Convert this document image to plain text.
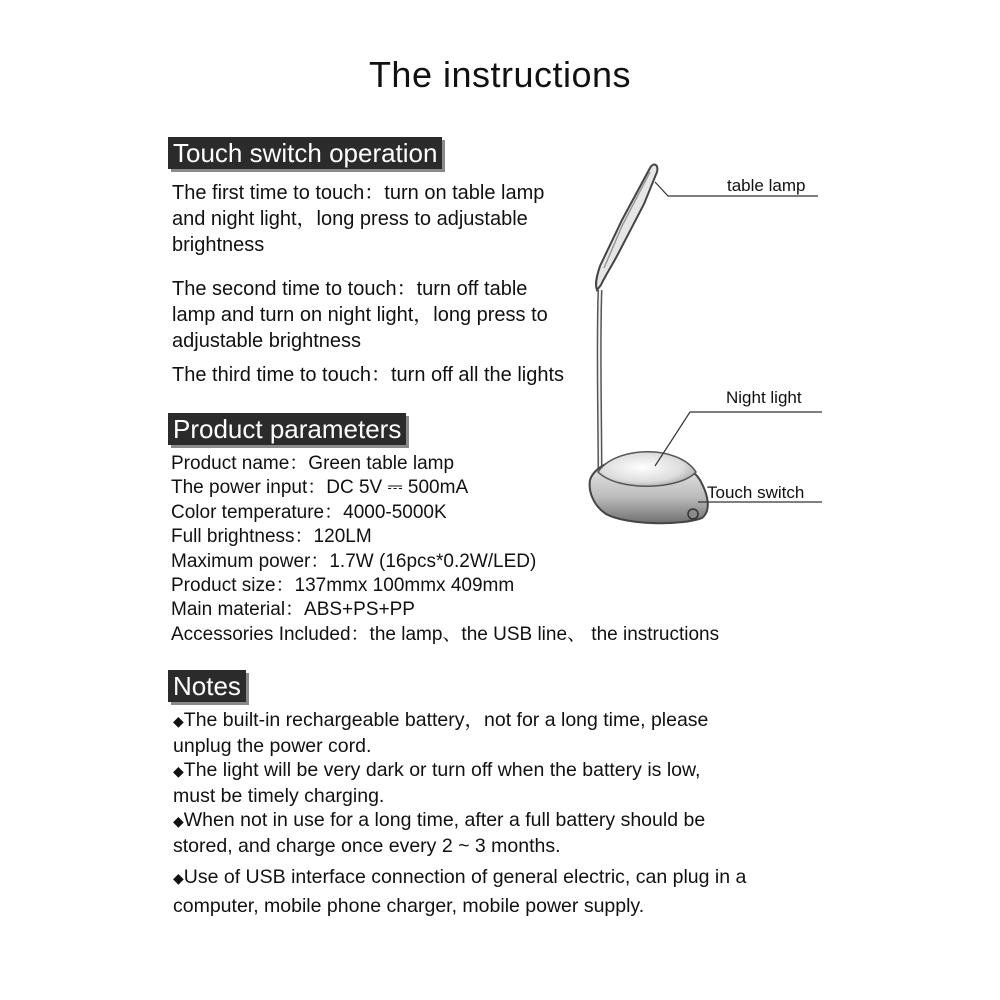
The instructions
Touch switch operation
The first time to touch：turn on table lamp
and night light，long press to adjustable
brightness
The second time to touch：turn off table
lamp and turn on night light，long press to
adjustable brightness
The third time to touch：turn off all the lights
Product parameters
Product name：Green table lamp
The power input：DC 5V ⎓ 500mA
Color temperature：4000-5000K
Full brightness：120LM
Maximum power：1.7W (16pcs*0.2W/LED)
Product size：137mmx 100mmx 409mm
Main material：ABS+PS+PP
Accessories Included：the lamp、the USB line、 the instructions
Notes
◆The built-in rechargeable battery，not for a long time, please
unplug the power cord.
◆The light will be very dark or turn off when the battery is low,
must be timely charging.
◆When not in use for a long time, after a full battery should be
stored, and charge once every 2 ~ 3 months.
◆Use of USB interface connection of general electric, can plug in a
computer, mobile phone charger, mobile power supply.
table lamp
Night light
Touch switch
